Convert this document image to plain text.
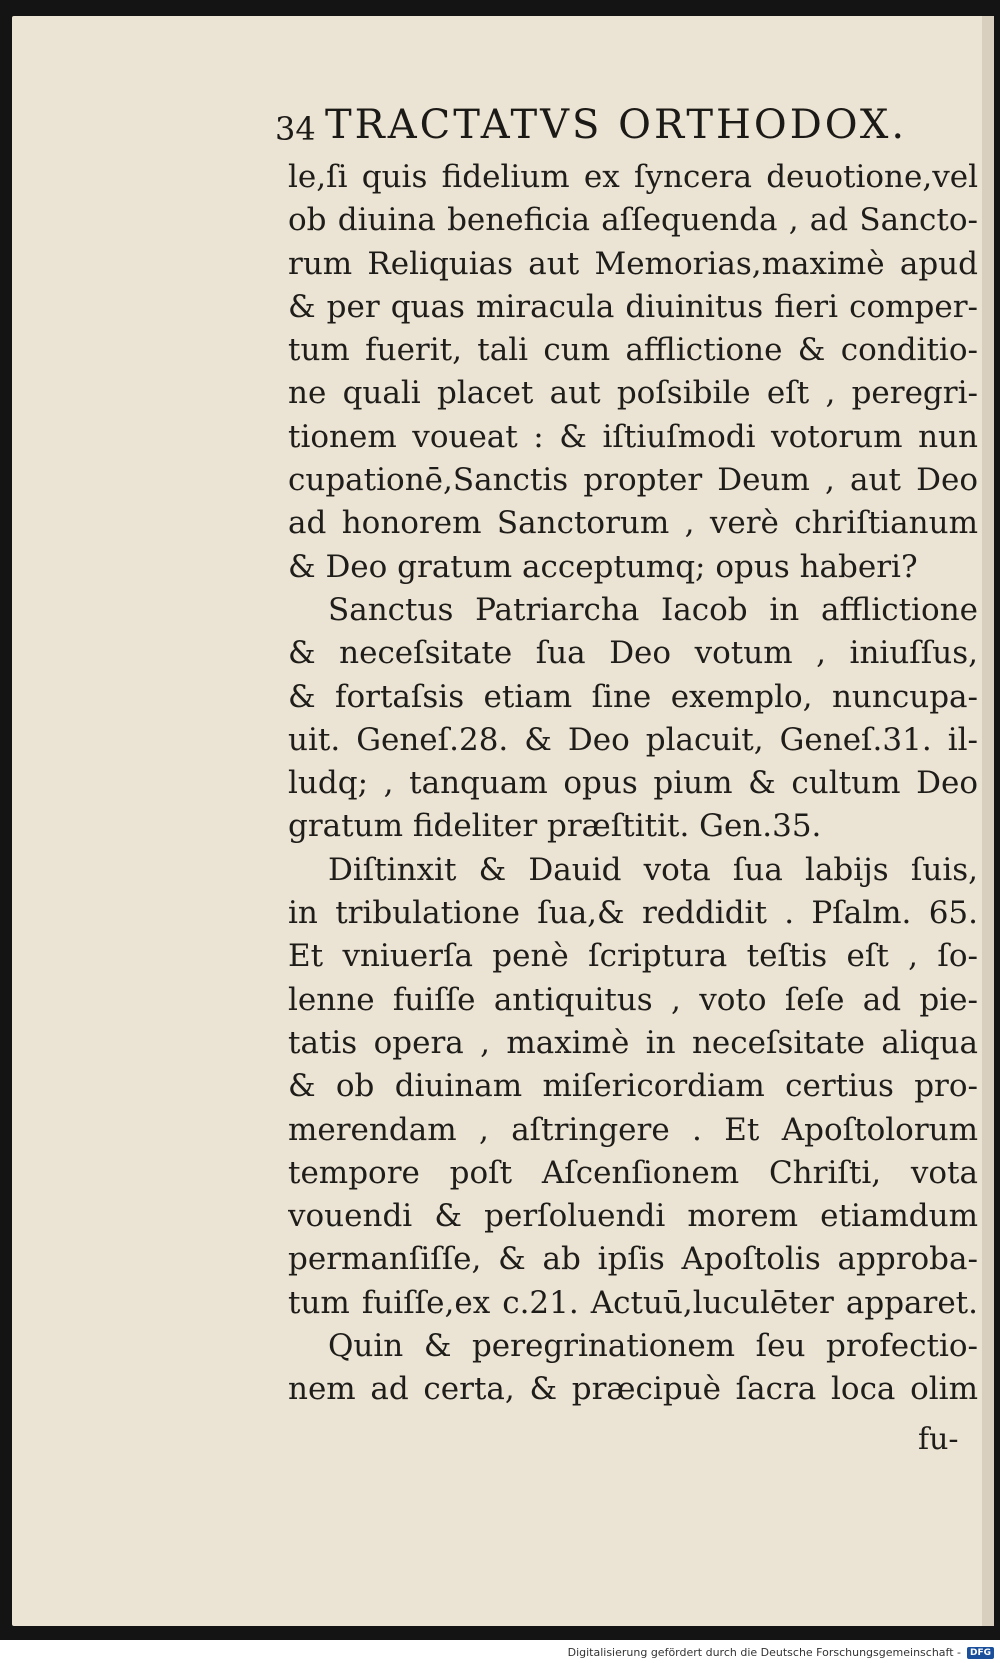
34 TRACTATVS ORTHODOX.
le,ſi quis fidelium ex ſyncera deuotione,vel
ob diuina beneficia aſſequenda , ad Sancto-
rum Reliquias aut Memorias,maximè apud
& per quas miracula diuinitus fieri comper-
tum fuerit, tali cum afflictione & conditio-
ne quali placet aut poſsibile eſt , peregri-
tionem voueat : & iſtiuſmodi votorum nun
cupationē,Sanctis propter Deum , aut Deo
ad honorem Sanctorum , verè chriſtianum
& Deo gratum acceptumq; opus haberi?
Sanctus Patriarcha Iacob in afflictione
& neceſsitate ſua Deo votum , iniuſſus,
& fortaſsis etiam ſine exemplo, nuncupa-
uit. Geneſ.28. & Deo placuit, Geneſ.31. il-
ludq; , tanquam opus pium & cultum Deo
gratum fideliter præſtitit. Gen.35.
Diſtinxit & Dauid vota ſua labijs ſuis,
in tribulatione ſua,& reddidit . Pſalm. 65.
Et vniuerſa penè ſcriptura teſtis eſt , ſo-
lenne fuiſſe antiquitus , voto ſeſe ad pie-
tatis opera , maximè in neceſsitate aliqua
& ob diuinam miſericordiam certius pro-
merendam , aſtringere . Et Apoſtolorum
tempore poſt Aſcenſionem Chriſti, vota
vouendi & perſoluendi morem etiamdum
permanſiſſe, & ab ipſis Apoſtolis approba-
tum fuiſſe,ex c.21. Actuū,luculēter apparet.
Quin & peregrinationem ſeu profectio-
nem ad certa, & præcipuè ſacra loca olim
fu-
Digitalisierung gefördert durch die Deutsche Forschungsgemeinschaft -	DFG
